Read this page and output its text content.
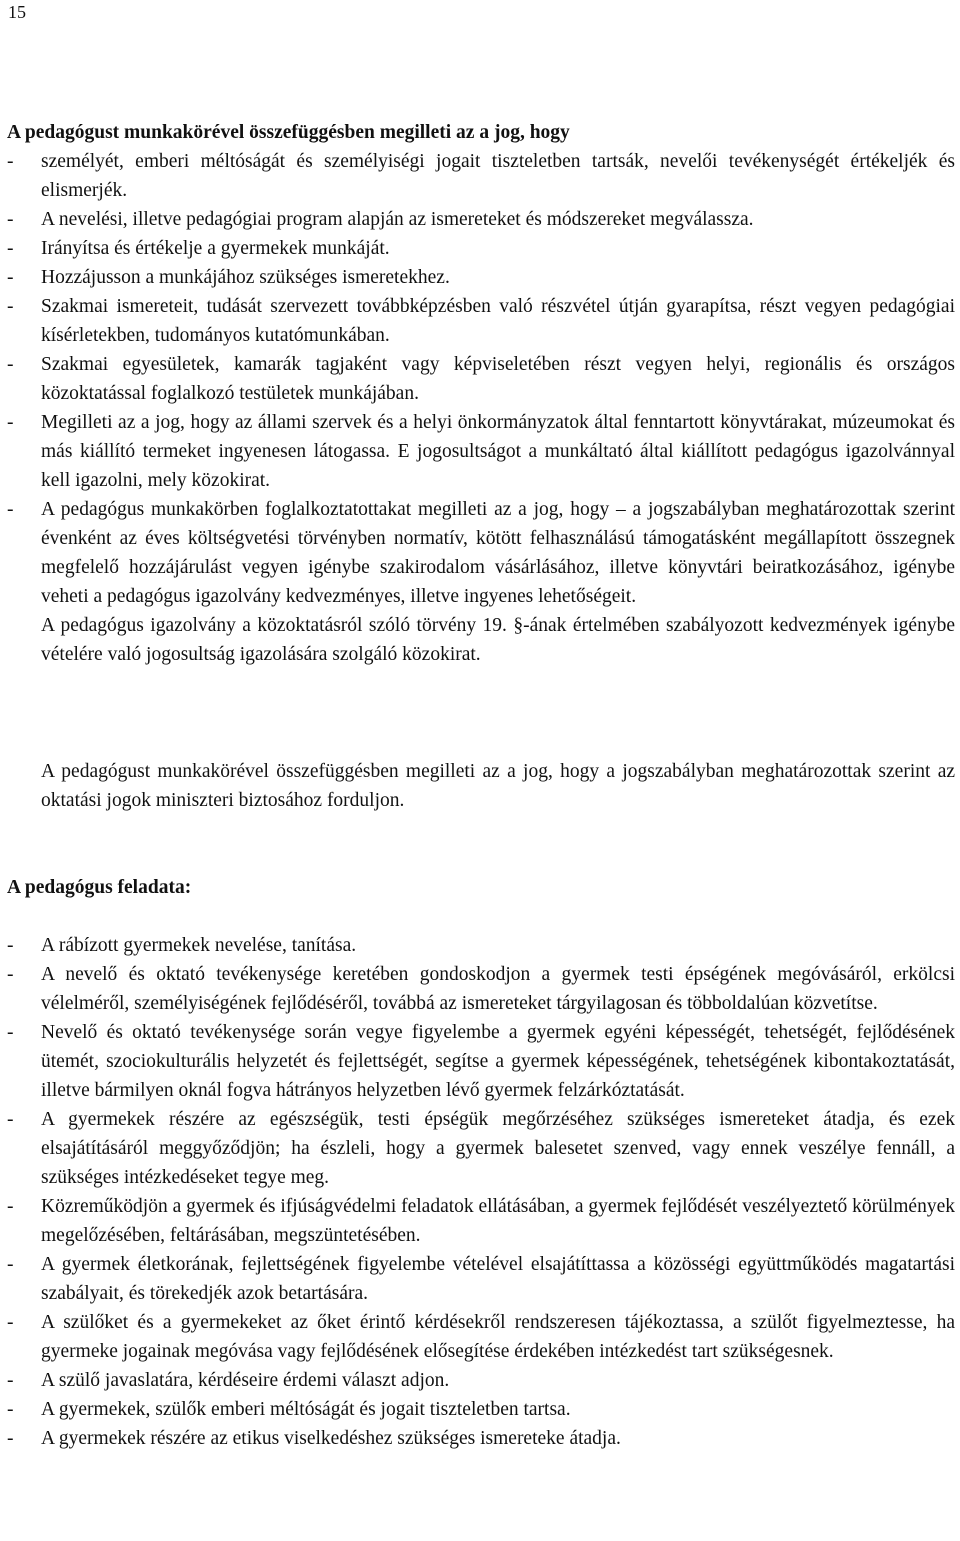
15

A pedagógust munkakörével összefüggésben megilleti az a jog, hogy

- személyét, emberi méltóságát és személyiségi jogait tiszteletben tartsák, nevelői tevékenységét értékeljék és elismerjék.
- A nevelési, illetve pedagógiai program alapján az ismereteket és módszereket megválassza.
- Irányítsa és értékelje a gyermekek munkáját.
- Hozzájusson a munkájához szükséges ismeretekhez.
- Szakmai ismereteit, tudását szervezett továbbképzésben való részvétel útján gyarapítsa, részt vegyen pedagógiai kísérletekben, tudományos kutatómunkában.
- Szakmai egyesületek, kamarák tagjaként vagy képviseletében részt vegyen helyi, regionális és országos közoktatással foglalkozó testületek munkájában.
- Megilleti az a jog, hogy az állami szervek és a helyi önkormányzatok által fenntartott könyvtárakat, múzeumokat és más kiállító termeket ingyenesen látogassa. E jogosultságot a munkáltató által kiállított pedagógus igazolvánnyal kell igazolni, mely közokirat.
- A pedagógus munkakörben foglalkoztatottakat megilleti az a jog, hogy – a jogszabályban meghatározottak szerint évenként az éves költségvetési törvényben normatív, kötött felhasználású támogatásként megállapított összegnek megfelelő hozzájárulást vegyen igénybe szakirodalom vásárlásához, illetve könyvtári beiratkozásához, igénybe veheti a pedagógus igazolvány kedvezményes, illetve ingyenes lehetőségeit.
A pedagógus igazolvány a közoktatásról szóló törvény 19. §-ának értelmében szabályozott kedvezmények igénybe vételére való jogosultság igazolására szolgáló közokirat.

A pedagógust munkakörével összefüggésben megilleti az a jog, hogy a jogszabályban meghatározottak szerint az oktatási jogok miniszteri biztosához forduljon.

A pedagógus feladata:

- A rábízott gyermekek nevelése, tanítása.
- A nevelő és oktató tevékenysége keretében gondoskodjon a gyermek testi épségének megóvásáról, erkölcsi vélelméről, személyiségének fejlődéséről, továbbá az ismereteket tárgyilagosan és többoldalúan közvetítse.
- Nevelő és oktató tevékenysége során vegye figyelembe a gyermek egyéni képességét, tehetségét, fejlődésének ütemét, szociokulturális helyzetét és fejlettségét, segítse a gyermek képességének, tehetségének kibontakoztatását, illetve bármilyen oknál fogva hátrányos helyzetben lévő gyermek felzárkóztatását.
- A gyermekek részére az egészségük, testi épségük megőrzéséhez szükséges ismereteket átadja, és ezek elsajátításáról meggyőződjön; ha észleli, hogy a gyermek balesetet szenved, vagy ennek veszélye fennáll, a szükséges intézkedéseket tegye meg.
- Közreműködjön a gyermek és ifjúságvédelmi feladatok ellátásában, a gyermek fejlődését veszélyeztető körülmények megelőzésében, feltárásában, megszüntetésében.
- A gyermek életkorának, fejlettségének figyelembe vételével elsajátíttassa a közösségi együttműködés magatartási szabályait, és törekedjék azok betartására.
- A szülőket és a gyermekeket az őket érintő kérdésekről rendszeresen tájékoztassa, a szülőt figyelmeztesse, ha gyermeke jogainak megóvása vagy fejlődésének elősegítése érdekében intézkedést tart szükségesnek.
- A szülő javaslatára, kérdéseire érdemi választ adjon.
- A gyermekek, szülők emberi méltóságát és jogait tiszteletben tartsa.
- A gyermekek részére az etikus viselkedéshez szükséges ismereteke átadja.
